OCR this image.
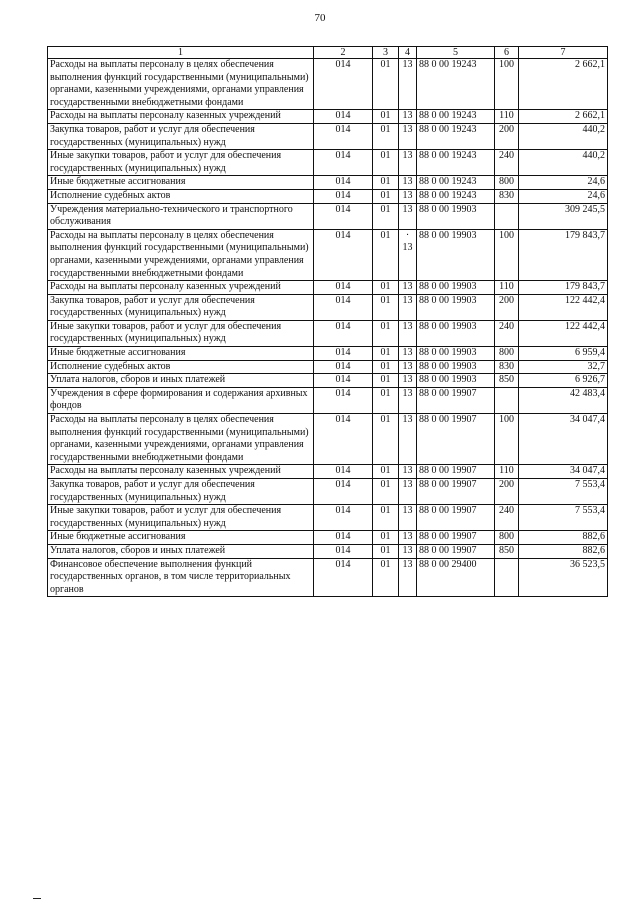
70
1	2	3	4	5	6	7
Расходы на выплаты персоналу в целях обеспечения выполнения функций государственными (муниципальными) органами, казенными учреждениями, органами управления государственными внебюджетными фондами	014	01	13	88 0 00 19243	100	2 662,1
Расходы на выплаты персоналу казенных учреждений	014	01	13	88 0 00 19243	110	2 662,1
Закупка товаров, работ и услуг для обеспечения государственных (муниципальных) нужд	014	01	13	88 0 00 19243	200	440,2
Иные закупки товаров, работ и услуг для обеспечения государственных (муниципальных) нужд	014	01	13	88 0 00 19243	240	440,2
Иные бюджетные ассигнования	014	01	13	88 0 00 19243	800	24,6
Исполнение судебных актов	014	01	13	88 0 00 19243	830	24,6
Учреждения материально-технического и транспортного обслуживания	014	01	13	88 0 00 19903		309 245,5
Расходы на выплаты персоналу в целях обеспечения выполнения функций государственными (муниципальными) органами, казенными учреждениями, органами управления государственными внебюджетными фондами	014	01	· 13	88 0 00 19903	100	179 843,7
Расходы на выплаты персоналу казенных учреждений	014	01	13	88 0 00 19903	110	179 843,7
Закупка товаров, работ и услуг для обеспечения государственных (муниципальных) нужд	014	01	13	88 0 00 19903	200	122 442,4
Иные закупки товаров, работ и услуг для обеспечения государственных (муниципальных) нужд	014	01	13	88 0 00 19903	240	122 442,4
Иные бюджетные ассигнования	014	01	13	88 0 00 19903	800	6 959,4
Исполнение судебных актов	014	01	13	88 0 00 19903	830	32,7
Уплата налогов, сборов и иных платежей	014	01	13	88 0 00 19903	850	6 926,7
Учреждения в сфере формирования и содержания архивных фондов	014	01	13	88 0 00 19907		42 483,4
Расходы на выплаты персоналу в целях обеспечения выполнения функций государственными (муниципальными) органами, казенными учреждениями, органами управления государственными внебюджетными фондами	014	01	13	88 0 00 19907	100	34 047,4
Расходы на выплаты персоналу казенных учреждений	014	01	13	88 0 00 19907	110	34 047,4
Закупка товаров, работ и услуг для обеспечения государственных (муниципальных) нужд	014	01	13	88 0 00 19907	200	7 553,4
Иные закупки товаров, работ и услуг для обеспечения государственных (муниципальных) нужд	014	01	13	88 0 00 19907	240	7 553,4
Иные бюджетные ассигнования	014	01	13	88 0 00 19907	800	882,6
Уплата налогов, сборов и иных платежей	014	01	13	88 0 00 19907	850	882,6
Финансовое обеспечение выполнения функций государственных органов, в том числе территориальных органов	014	01	13	88 0 00 29400		36 523,5
